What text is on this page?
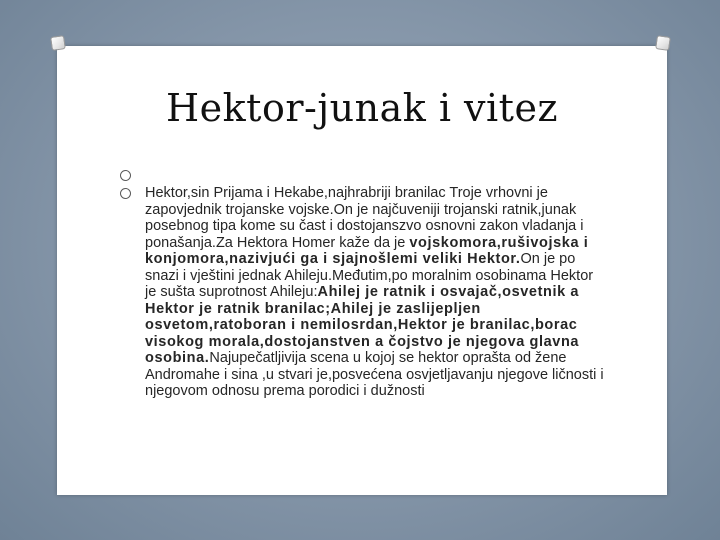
Hektor-junak i vitez
Hektor,sin Prijama i Hekabe,najhrabriji branilac Troje vrhovni je zapovjednik trojanske vojske.On je najčuveniji trojanski ratnik,junak posebnog tipa kome su čast i dostojanszvo osnovni zakon vladanja i ponašanja.Za Hektora Homer kaže da je vojskomora,rušivojska i konjomora,nazivjući ga i sjajnošlemi veliki Hektor.On je po snazi i vještini jednak Ahileju.Međutim,po moralnim osobinama Hektor je sušta suprotnost Ahileju:Ahilej je ratnik i osvajač,osvetnik a Hektor je ratnik branilac;Ahilej je zaslijepljen osvetom,ratoboran i nemilosrdan,Hektor je branilac,borac visokog morala,dostojanstven a čojstvo je njegova glavna osobina.Najupečatljivija scena u kojoj se hektor oprašta od žene Andromahe i sina ,u stvari je,posvećena osvjetljavanju njegove ličnosti i njegovom odnosu prema porodici i dužnosti
